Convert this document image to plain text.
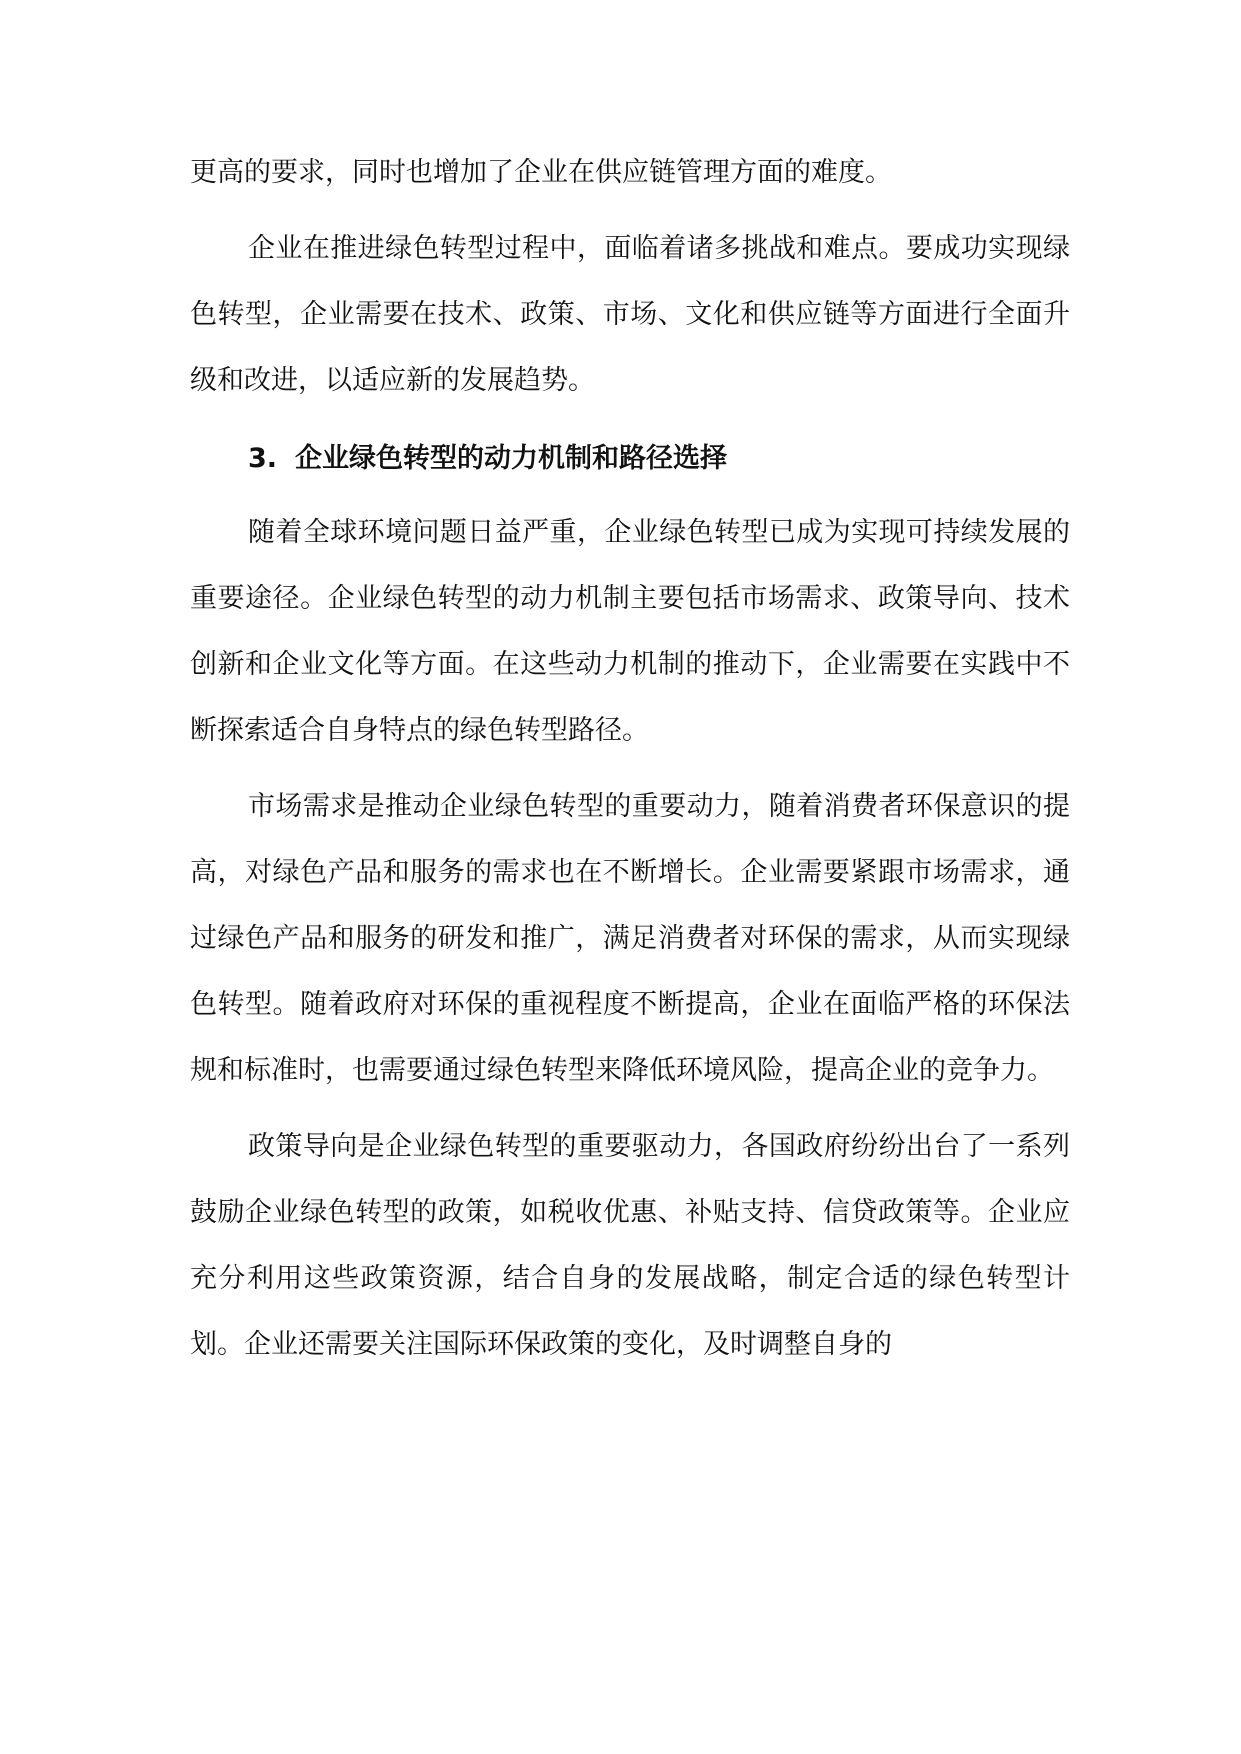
更高的要求，同时也增加了企业在供应链管理方面的难度。

企业在推进绿色转型过程中，面临着诸多挑战和难点。要成功实现绿色转型，企业需要在技术、政策、市场、文化和供应链等方面进行全面升级和改进，以适应新的发展趋势。

3. 企业绿色转型的动力机制和路径选择

随着全球环境问题日益严重，企业绿色转型已成为实现可持续发展的重要途径。企业绿色转型的动力机制主要包括市场需求、政策导向、技术创新和企业文化等方面。在这些动力机制的推动下，企业需要在实践中不断探索适合自身特点的绿色转型路径。

市场需求是推动企业绿色转型的重要动力，随着消费者环保意识的提高，对绿色产品和服务的需求也在不断增长。企业需要紧跟市场需求，通过绿色产品和服务的研发和推广，满足消费者对环保的需求，从而实现绿色转型。随着政府对环保的重视程度不断提高，企业在面临严格的环保法规和标准时，也需要通过绿色转型来降低环境风险，提高企业的竞争力。

政策导向是企业绿色转型的重要驱动力，各国政府纷纷出台了一系列鼓励企业绿色转型的政策，如税收优惠、补贴支持、信贷政策等。企业应充分利用这些政策资源，结合自身的发展战略，制定合适的绿色转型计划。企业还需要关注国际环保政策的变化，及时调整自身的
